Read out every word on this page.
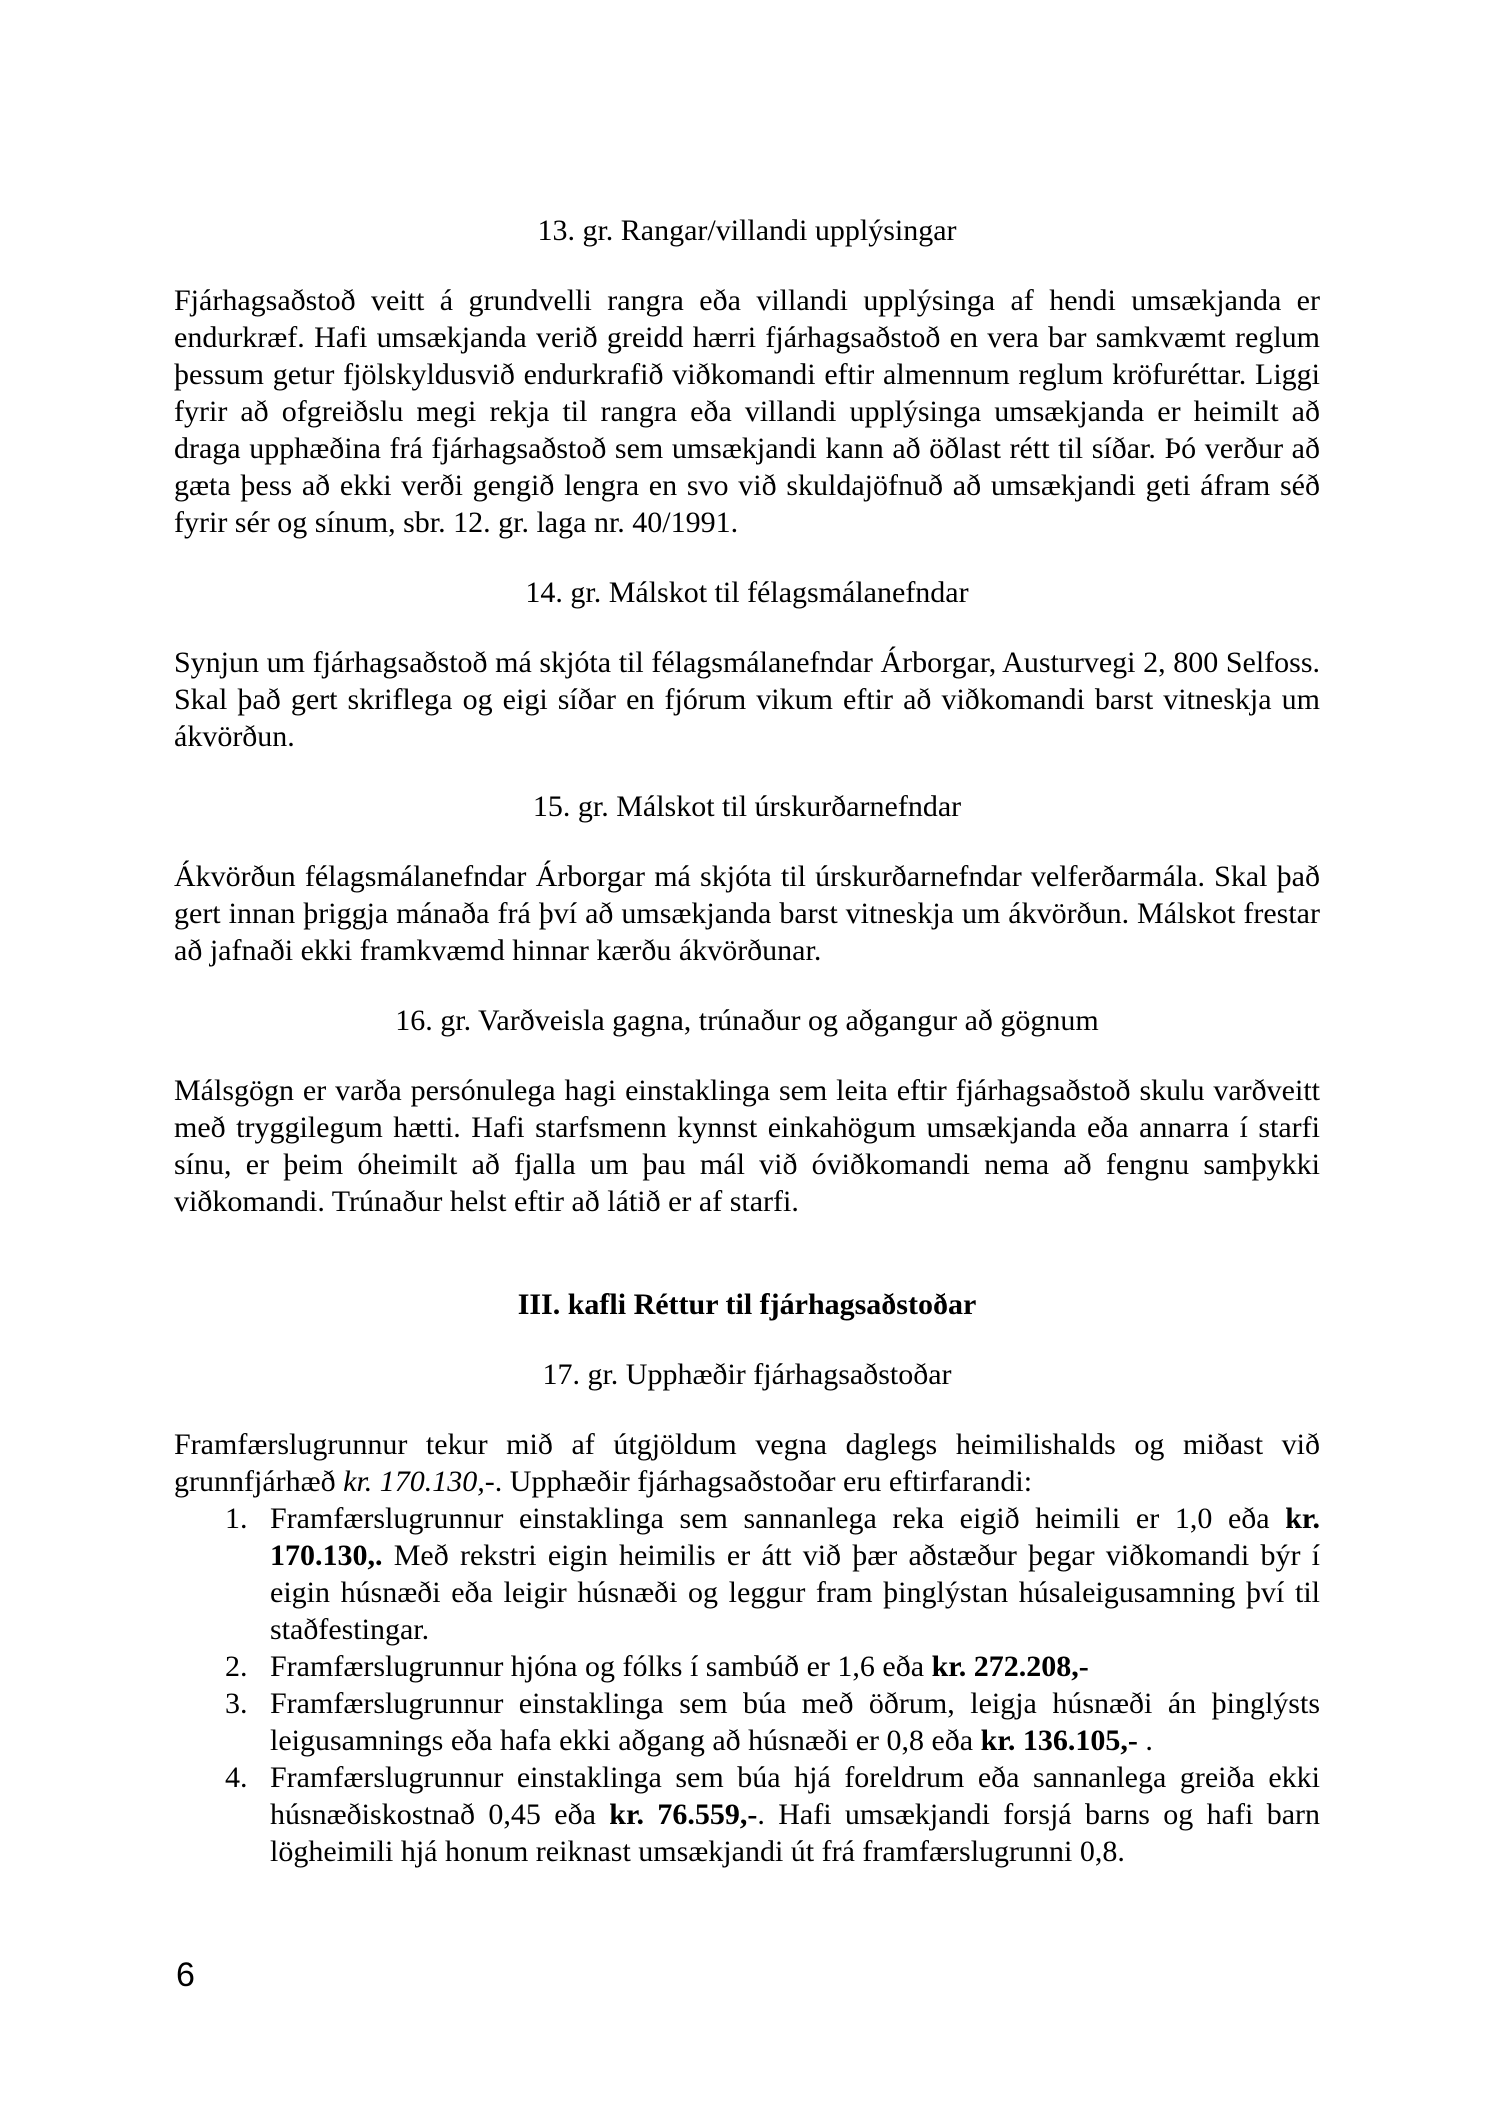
13. gr. Rangar/villandi upplýsingar

Fjárhagsaðstoð veitt á grundvelli rangra eða villandi upplýsinga af hendi umsækjanda er endurkræf. Hafi umsækjanda verið greidd hærri fjárhagsaðstoð en vera bar samkvæmt reglum þessum getur fjölskyldusvið endurkrafið viðkomandi eftir almennum reglum kröfuréttar. Liggi fyrir að ofgreiðslu megi rekja til rangra eða villandi upplýsinga umsækjanda er heimilt að draga upphæðina frá fjárhagsaðstoð sem umsækjandi kann að öðlast rétt til síðar. Þó verður að gæta þess að ekki verði gengið lengra en svo við skuldajöfnuð að umsækjandi geti áfram séð fyrir sér og sínum, sbr. 12. gr. laga nr. 40/1991.

14. gr. Málskot til félagsmálanefndar

Synjun um fjárhagsaðstoð má skjóta til félagsmálanefndar Árborgar, Austurvegi 2, 800 Selfoss. Skal það gert skriflega og eigi síðar en fjórum vikum eftir að viðkomandi barst vitneskja um ákvörðun.

15. gr. Málskot til úrskurðarnefndar

Ákvörðun félagsmálanefndar Árborgar má skjóta til úrskurðarnefndar velferðarmála. Skal það gert innan þriggja mánaða frá því að umsækjanda barst vitneskja um ákvörðun. Málskot frestar að jafnaði ekki framkvæmd hinnar kærðu ákvörðunar.

16. gr. Varðveisla gagna, trúnaður og aðgangur að gögnum

Málsgögn er varða persónulega hagi einstaklinga sem leita eftir fjárhagsaðstoð skulu varðveitt með tryggilegum hætti. Hafi starfsmenn kynnst einkahögum umsækjanda eða annarra í starfi sínu, er þeim óheimilt að fjalla um þau mál við óviðkomandi nema að fengnu samþykki viðkomandi. Trúnaður helst eftir að látið er af starfi.

III. kafli Réttur til fjárhagsaðstoðar
17. gr. Upphæðir fjárhagsaðstoðar

Framfærslugrunnur tekur mið af útgjöldum vegna daglegs heimilishalds og miðast við grunnfjárhæð kr. 170.130,-. Upphæðir fjárhagsaðstoðar eru eftirfarandi:

1. Framfærslugrunnur einstaklinga sem sannanlega reka eigið heimili er 1,0 eða kr. 170.130,. Með rekstri eigin heimilis er átt við þær aðstæður þegar viðkomandi býr í eigin húsnæði eða leigir húsnæði og leggur fram þinglýstan húsaleigusamning því til staðfestingar.
2. Framfærslugrunnur hjóna og fólks í sambúð er 1,6 eða kr. 272.208,-
3. Framfærslugrunnur einstaklinga sem búa með öðrum, leigja húsnæði án þinglýsts leigusamnings eða hafa ekki aðgang að húsnæði er 0,8 eða kr. 136.105,- .
4. Framfærslugrunnur einstaklinga sem búa hjá foreldrum eða sannanlega greiða ekki húsnæðiskostnað 0,45 eða kr. 76.559,-. Hafi umsækjandi forsjá barns og hafi barn lögheimili hjá honum reiknast umsækjandi út frá framfærslugrunni 0,8.
6
